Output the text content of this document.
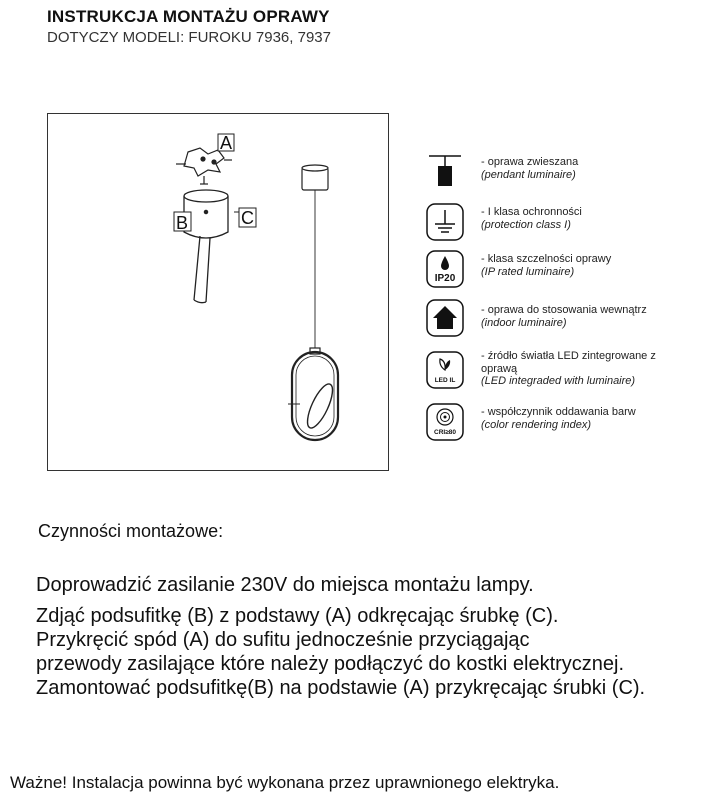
INSTRUKCJA MONTAŻU OPRAWY
DOTYCZY MODELI: FUROKU 7936, 7937
A
B	C
- oprawa zwieszana
(pendant luminaire)
- I klasa ochronności
(protection class I)
IP20
- klasa szczelności oprawy
(IP rated luminaire)
- oprawa do stosowania wewnątrz
(indoor luminaire)
LED IL
- źródło światła LED zintegrowane z oprawą
(LED integraded with luminaire)
CRI≥80
- współczynnik oddawania barw
(color rendering index)
Czynności montażowe:
Doprowadzić zasilanie 230V do miejsca montażu lampy.
Zdjąć podsufitkę (B) z podstawy (A) odkręcając śrubkę (C).
Przykręcić spód (A) do sufitu jednocześnie przyciągając
przewody zasilające które należy podłączyć do kostki elektrycznej.
Zamontować podsufitkę(B) na podstawie (A) przykręcając śrubki (C).
Ważne! Instalacja powinna być wykonana przez uprawnionego elektryka.
